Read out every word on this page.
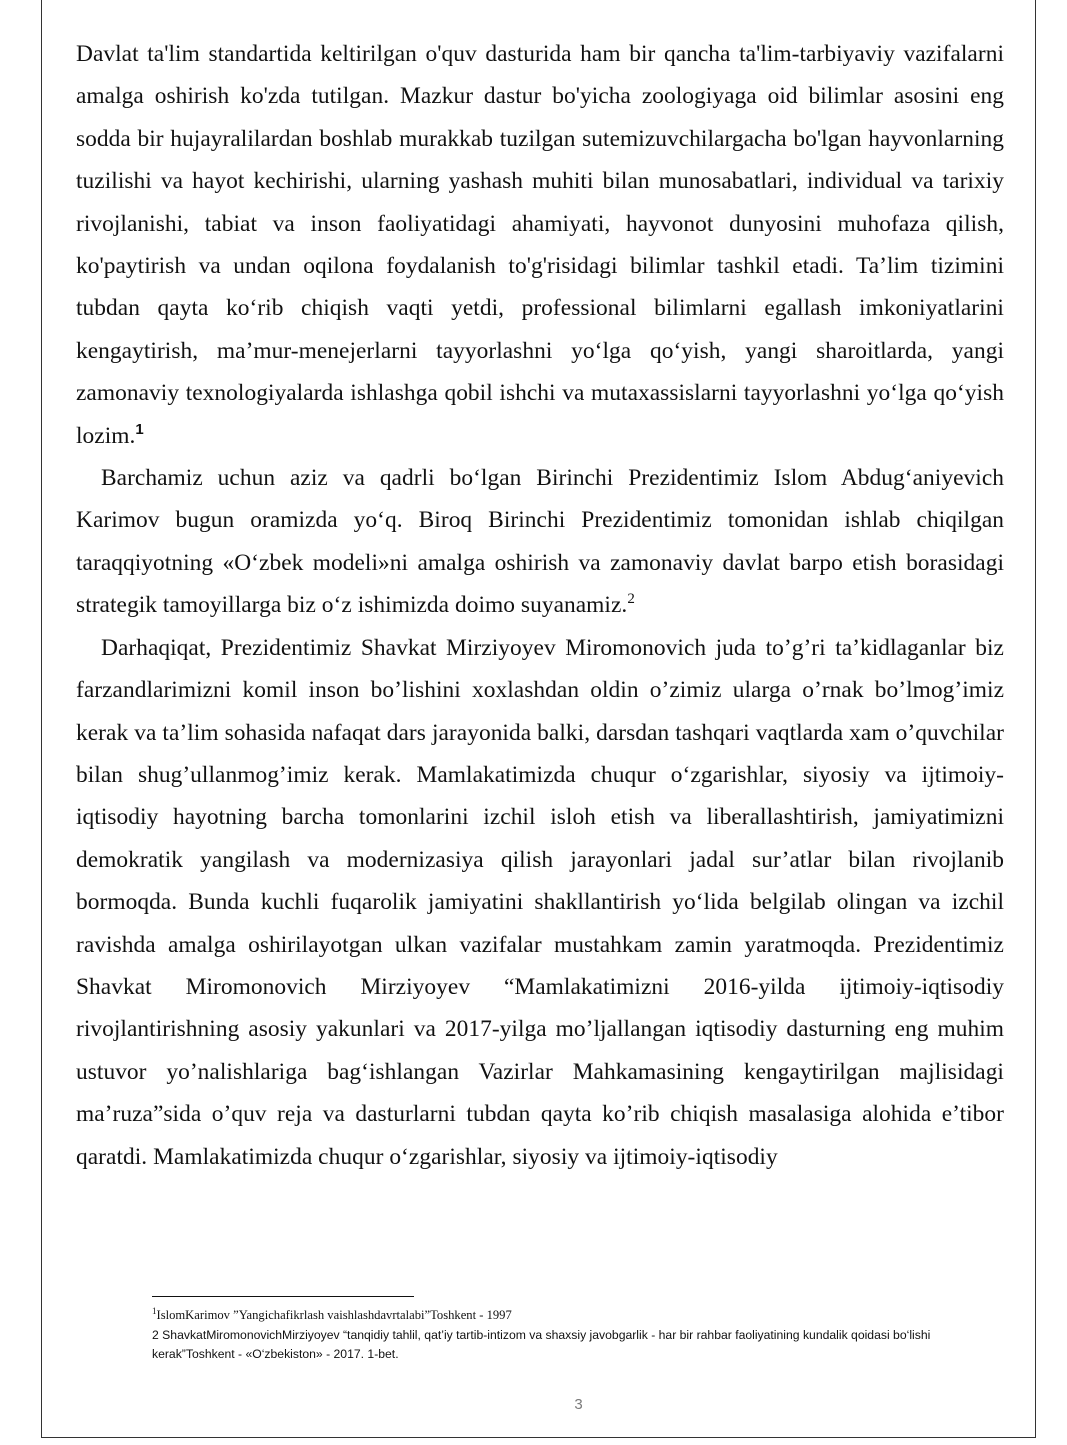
Davlat ta'lim standartida keltirilgan o'quv dasturida ham bir qancha ta'lim-tarbiyaviy vazifalarni amalga oshirish ko'zda tutilgan. Mazkur dastur bo'yicha zoologiyaga oid bilimlar asosini eng sodda bir hujayralilardan boshlab murakkab tuzilgan sutemizuvchilargacha bo'lgan hayvonlarning tuzilishi va hayot kechirishi, ularning yashash muhiti bilan munosabatlari, individual va tarixiy rivojlanishi, tabiat va inson faoliyatidagi ahamiyati, hayvonot dunyosini muhofaza qilish, ko'paytirish va undan oqilona foydalanish to'g'risidagi bilimlar tashkil etadi. Ta’lim tizimini tubdan qayta ko‘rib chiqish vaqti yetdi, professional bilimlarni egallash imkoniyatlarini kengaytirish, ma’mur-menejerlarni tayyorlashni yo‘lga qo‘yish, yangi sharoitlarda, yangi zamonaviy texnologiyalarda ishlashga qobil ishchi va mutaxassislarni tayyorlashni yo‘lga qo‘yish lozim.$^1$

Barchamiz uchun aziz va qadrli bo‘lgan Birinchi Prezidentimiz Islom Abdug‘aniyevich Karimov bugun oramizda yo‘q. Biroq Birinchi Prezidentimiz tomonidan ishlab chiqilgan taraqqiyotning «O‘zbek modeli»ni amalga oshirish va zamonaviy davlat barpo etish borasidagi strategik tamoyillarga biz o‘z ishimizda doimo suyanamiz.$^2$

Darhaqiqat, Prezidentimiz Shavkat Mirziyoyev Miromonovich juda to’g’ri ta’kidlaganlar biz farzandlarimizni komil inson bo’lishini xoxlashdan oldin o’zimiz ularga o’rnak bo’lmog’imiz kerak va ta’lim sohasida nafaqat dars jarayonida balki, darsdan tashqari vaqtlarda xam o’quvchilar bilan shug’ullanmog’imiz kerak. Mamlakatimizda chuqur o‘zgarishlar, siyosiy va ijtimoiy-iqtisodiy hayotning barcha tomonlarini izchil isloh etish va liberallashtirish, jamiyatimizni demokratik yangilash va modernizasiya qilish jarayonlari jadal sur’atlar bilan rivojlanib bormoqda. Bunda kuchli fuqarolik jamiyatini shakllantirish yo‘lida belgilab olingan va izchil ravishda amalga oshirilayotgan ulkan vazifalar mustahkam zamin yaratmoqda. Prezidentimiz Shavkat Miromonovich Mirziyoyev “Mamlakatimizni 2016-yilda ijtimoiy-iqtisodiy rivojlantirishning asosiy yakunlari va 2017-yilga mo’ljallangan iqtisodiy dasturning eng muhim ustuvor yo’nalishlariga bag‘ishlangan Vazirlar Mahkamasining kengaytirilgan majlisidagi ma’ruza”sida o’quv reja va dasturlarni tubdan qayta ko’rib chiqish masalasiga alohida e’tibor qaratdi. Mamlakatimizda chuqur o‘zgarishlar, siyosiy va ijtimoiy-iqtisodiy

$^1$IslomKarimov ”Yangichafikrlash vaishlashdavrtalabi”Toshkent - 1997

2 ShavkatMiromonovichMirziyoyev “tanqidiy tahlil, qat’iy tartib-intizom va shaxsiy javobgarlik - har bir rahbar faoliyatining kundalik qoidasi bo‘lishi kerak”Toshkent - «O‘zbekiston» - 2017. 1-bet.

3
